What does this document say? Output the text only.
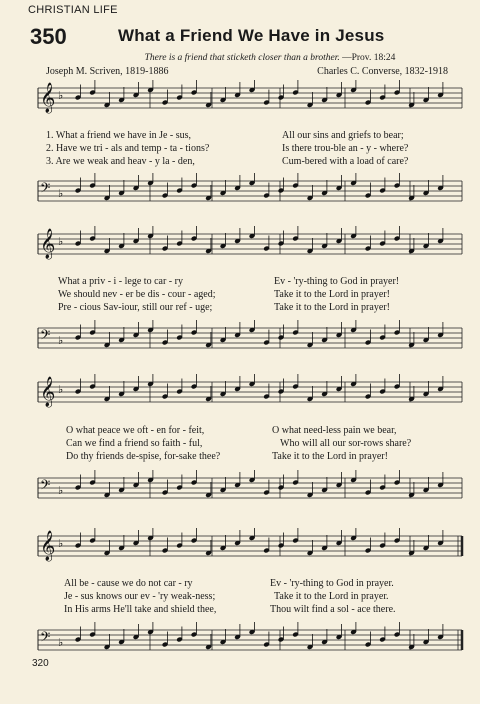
CHRISTIAN LIFE
350	What a Friend We Have in Jesus
There is a friend that sticketh closer than a brother. —Prov. 18:24
Joseph M. Scriven, 1819-1886	Charles C. Converse, 1832-1918
𝄞 ♭
1. What a friend we have in Je - sus,	All our sins and griefs to bear;
2. Have we tri - als and temp - ta - tions?	Is there trou-ble an - y - where?
3. Are we weak and heav - y la - den,	Cum-bered with a load of care?
𝄢 ♭
𝄞 ♭
What a priv - i - lege to car - ry	Ev - 'ry-thing to God in prayer!
We should nev - er be dis - cour - aged;	Take it to the Lord in prayer!
Pre - cious Sav-iour, still our ref - uge;	Take it to the Lord in prayer!
𝄢 ♭
𝄞 ♭
O what peace we oft - en for - feit,	O what need-less pain we bear,
Can we find a friend so faith - ful,	Who will all our sor-rows share?
Do thy friends de-spise, for-sake thee?	Take it to the Lord in prayer!
𝄢 ♭
𝄞 ♭
All be - cause we do not car - ry	Ev - 'ry-thing to God in prayer.
Je - sus knows our ev - 'ry weak-ness;	Take it to the Lord in prayer.
In His arms He'll take and shield thee,	Thou wilt find a sol - ace there.
𝄢 ♭
320
